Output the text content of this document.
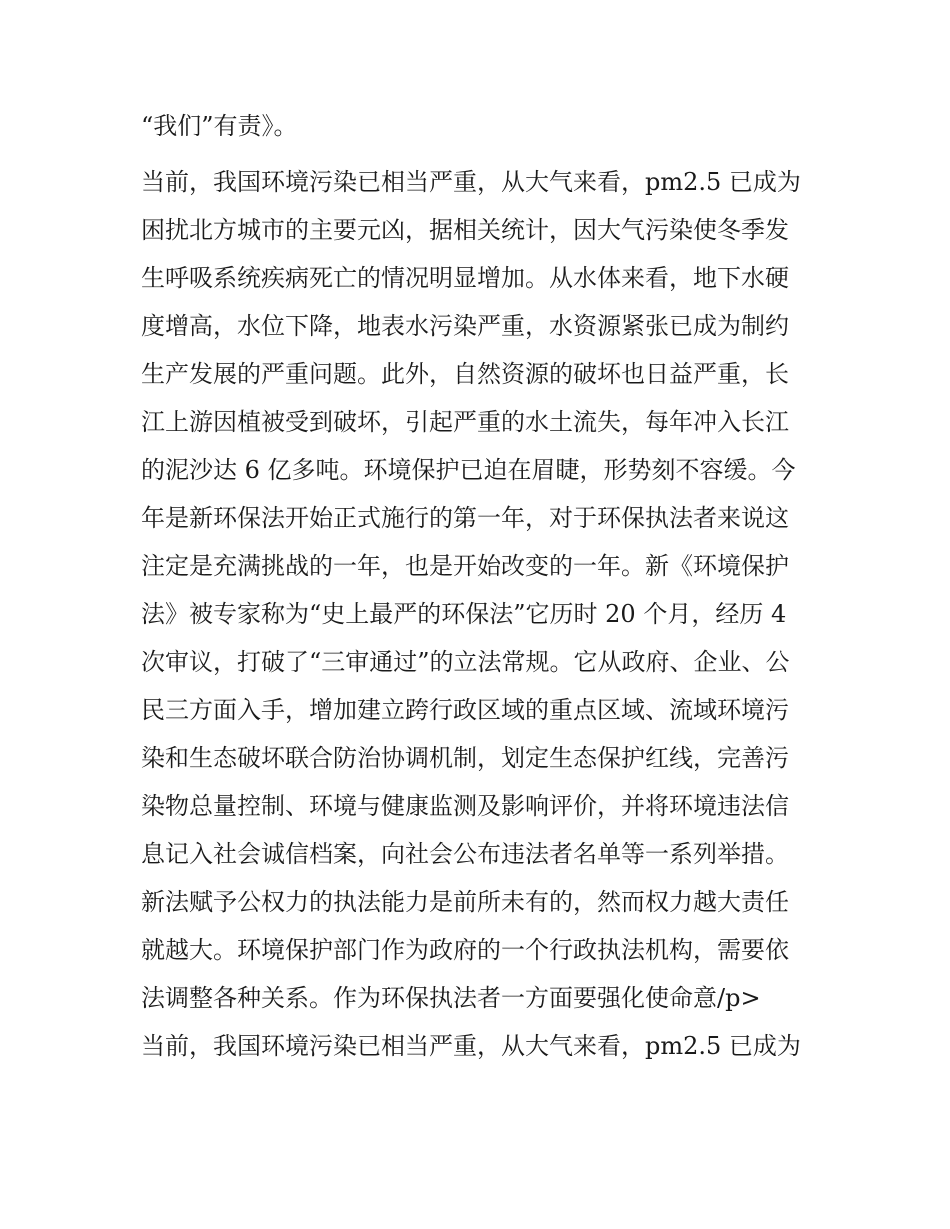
“我们”有责》。

当前，我国环境污染已相当严重，从大气来看，pm2.5 已成为

困扰北方城市的主要元凶，据相关统计，因大气污染使冬季发

生呼吸系统疾病死亡的情况明显增加。从水体来看，地下水硬

度增高，水位下降，地表水污染严重，水资源紧张已成为制约

生产发展的严重问题。此外，自然资源的破坏也日益严重，长

江上游因植被受到破坏，引起严重的水土流失，每年冲入长江

的泥沙达 6 亿多吨。环境保护已迫在眉睫，形势刻不容缓。今

年是新环保法开始正式施行的第一年，对于环保执法者来说这

注定是充满挑战的一年，也是开始改变的一年。新《环境保护

法》被专家称为“史上最严的环保法”它历时 20 个月，经历 4

次审议，打破了“三审通过”的立法常规。它从政府、企业、公

民三方面入手，增加建立跨行政区域的重点区域、流域环境污

染和生态破坏联合防治协调机制，划定生态保护红线，完善污

染物总量控制、环境与健康监测及影响评价，并将环境违法信

息记入社会诚信档案，向社会公布违法者名单等一系列举措。

新法赋予公权力的执法能力是前所未有的，然而权力越大责任

就越大。环境保护部门作为政府的一个行政执法机构，需要依

法调整各种关系。作为环保执法者一方面要强化使命意/p>

当前，我国环境污染已相当严重，从大气来看，pm2.5 已成为
